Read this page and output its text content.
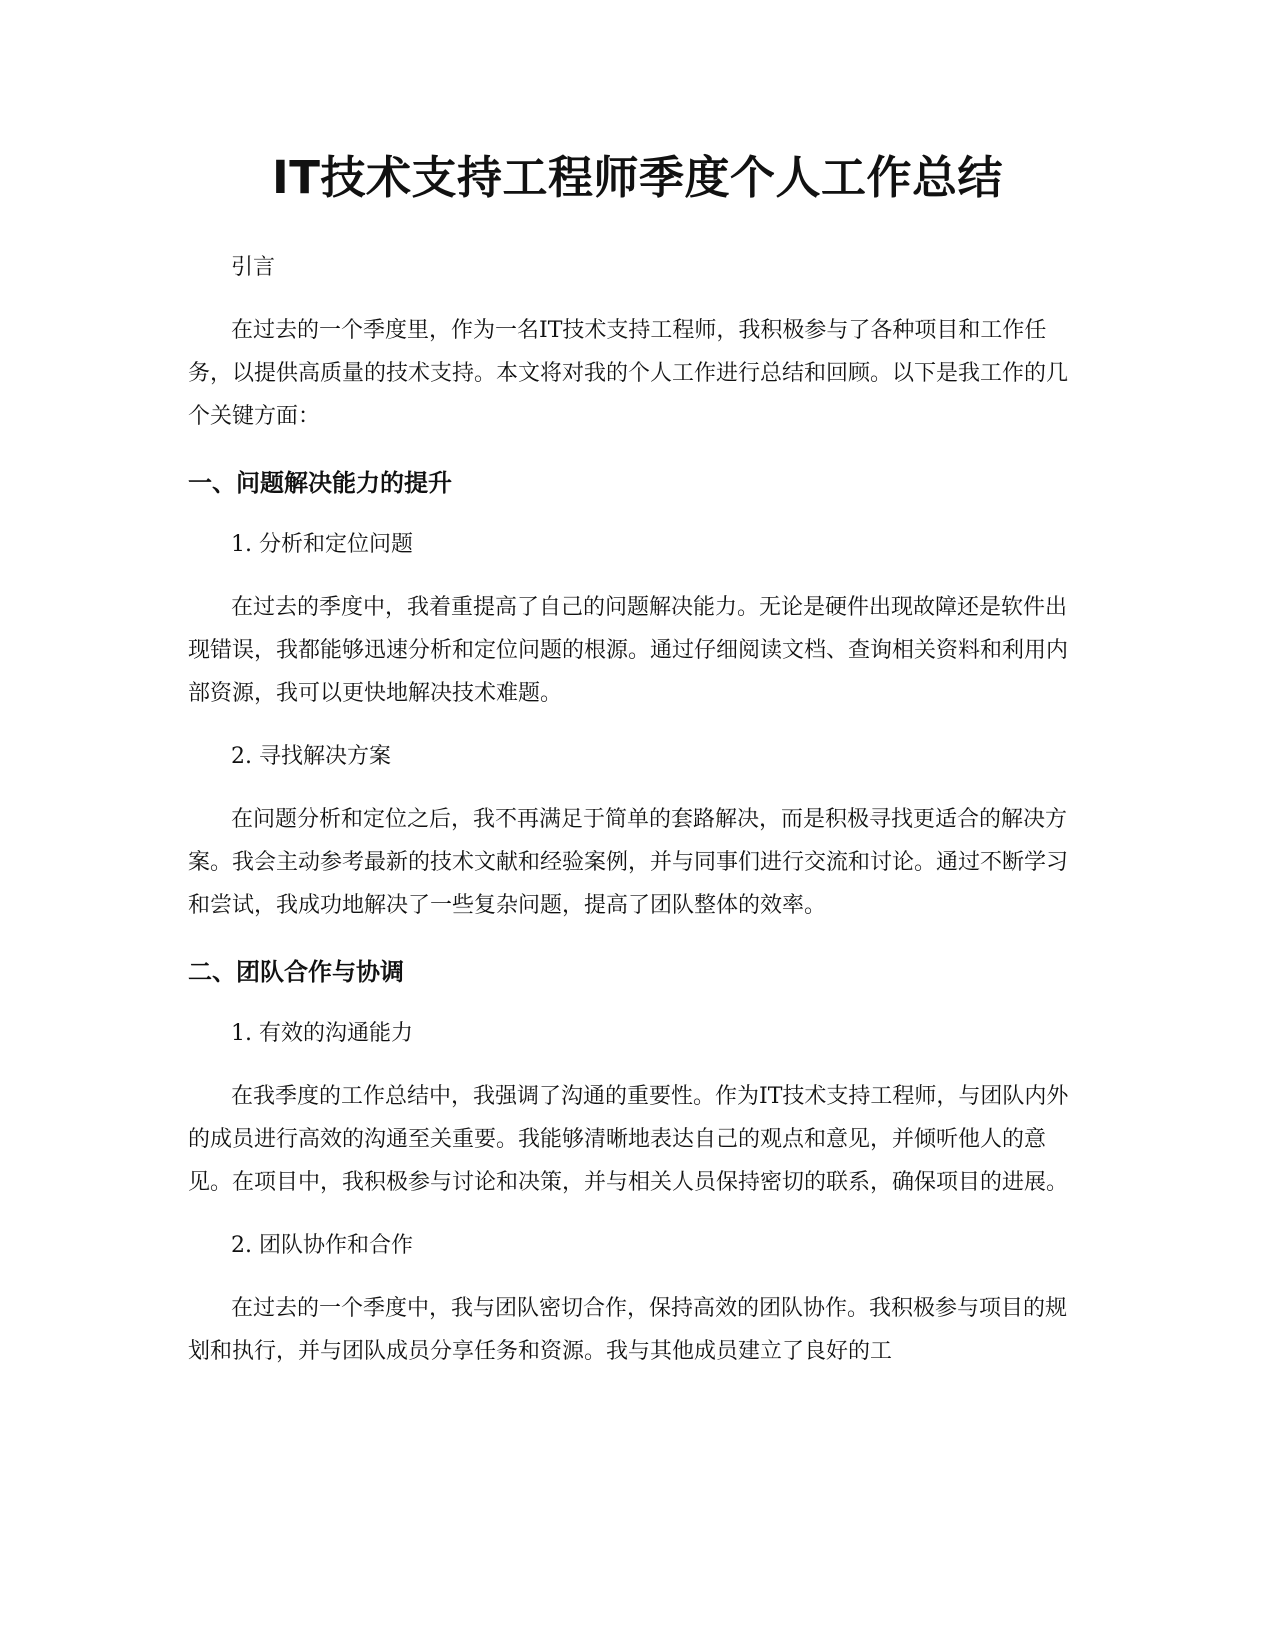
IT技术支持工程师季度个人工作总结

引言

在过去的一个季度里，作为一名IT技术支持工程师，我积极参与了各种项目和工作任务，以提供高质量的技术支持。本文将对我的个人工作进行总结和回顾。以下是我工作的几个关键方面：

一、问题解决能力的提升

1. 分析和定位问题

在过去的季度中，我着重提高了自己的问题解决能力。无论是硬件出现故障还是软件出现错误，我都能够迅速分析和定位问题的根源。通过仔细阅读文档、查询相关资料和利用内部资源，我可以更快地解决技术难题。

2. 寻找解决方案

在问题分析和定位之后，我不再满足于简单的套路解决，而是积极寻找更适合的解决方案。我会主动参考最新的技术文献和经验案例，并与同事们进行交流和讨论。通过不断学习和尝试，我成功地解决了一些复杂问题，提高了团队整体的效率。

二、团队合作与协调

1. 有效的沟通能力

在我季度的工作总结中，我强调了沟通的重要性。作为IT技术支持工程师，与团队内外的成员进行高效的沟通至关重要。我能够清晰地表达自己的观点和意见，并倾听他人的意见。在项目中，我积极参与讨论和决策，并与相关人员保持密切的联系，确保项目的进展。

2. 团队协作和合作

在过去的一个季度中，我与团队密切合作，保持高效的团队协作。我积极参与项目的规划和执行，并与团队成员分享任务和资源。我与其他成员建立了良好的工
